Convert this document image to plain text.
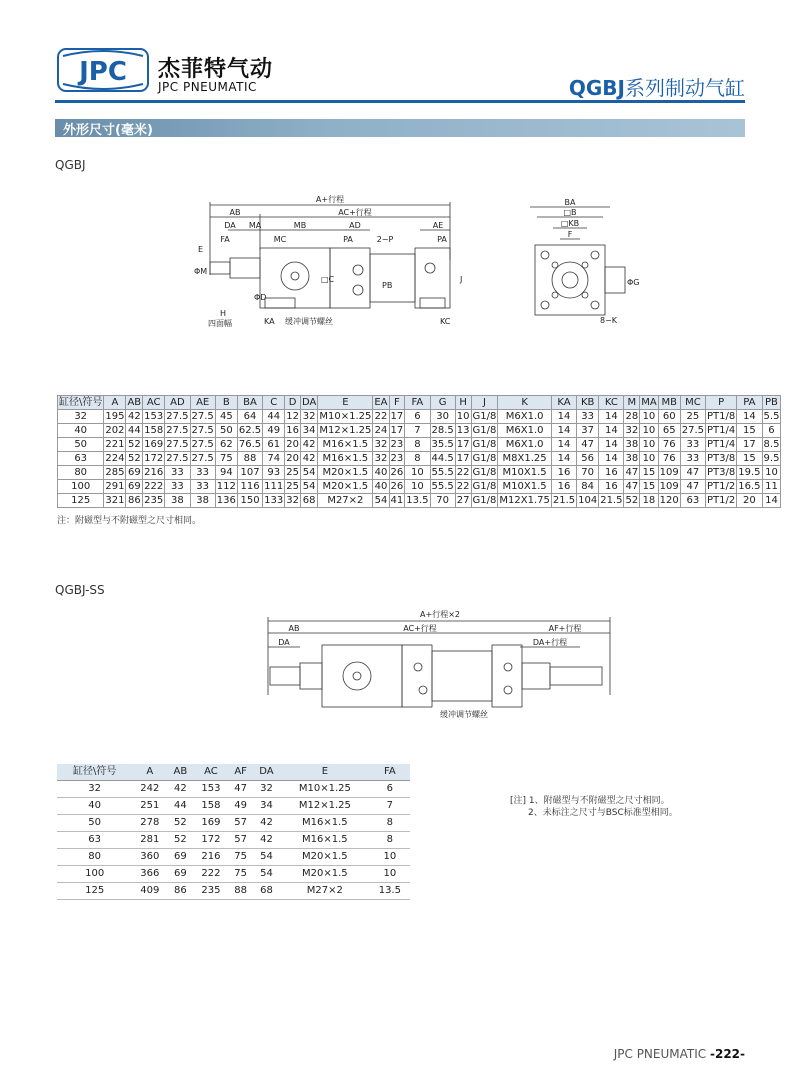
JPC 杰菲特气动
JPC PNEUMATIC	QGBJ系列制动气缸
外形尺寸(毫米)
QGBJ
A+行程
AB	AC+行程
DA MA	MB	AD	AE
FA	MC	PA	2−P	PA
E
ΦM
ΦD
H
四面幅	KA 缓冲调节螺丝	KC
□C
PB
J
BA
□B
□KB
F
ΦG
8−K
缸径\符号	A	AB	AC	AD	AE	B	BA	C	D	DA	E	EA	F	FA	G	H	J	K	KA	KB	KC	M	MA	MB	MC	P	PA	PB
32	195	42	153	27.5	27.5	45	64	44	12	32	M10×1.25	22	17	6	30	10	G1/8	M6X1.0	14	33	14	28	10	60	25	PT1/8	14	5.5
40	202	44	158	27.5	27.5	50	62.5	49	16	34	M12×1.25	24	17	7	28.5	13	G1/8	M6X1.0	14	37	14	32	10	65	27.5	PT1/4	15	6
50	221	52	169	27.5	27.5	62	76.5	61	20	42	M16×1.5	32	23	8	35.5	17	G1/8	M6X1.0	14	47	14	38	10	76	33	PT1/4	17	8.5
63	224	52	172	27.5	27.5	75	88	74	20	42	M16×1.5	32	23	8	44.5	17	G1/8	M8X1.25	14	56	14	38	10	76	33	PT3/8	15	9.5
80	285	69	216	33	33	94	107	93	25	54	M20×1.5	40	26	10	55.5	22	G1/8	M10X1.5	16	70	16	47	15	109	47	PT3/8	19.5	10
100	291	69	222	33	33	112	116	111	25	54	M20×1.5	40	26	10	55.5	22	G1/8	M10X1.5	16	84	16	47	15	109	47	PT1/2	16.5	11
125	321	86	235	38	38	136	150	133	32	68	M27×2	54	41	13.5	70	27	G1/8	M12X1.75	21.5	104	21.5	52	18	120	63	PT1/2	20	14
注：附磁型与不附磁型之尺寸相同。
QGBJ-SS
A+行程×2
AB	AC+行程	AF+行程
DA	DA+行程
缓冲调节螺丝
缸径\符号	A	AB	AC	AF	DA	E	FA
32	242	42	153	47	32	M10×1.25	6
40	251	44	158	49	34	M12×1.25	7
50	278	52	169	57	42	M16×1.5	8
63	281	52	172	57	42	M16×1.5	8
80	360	69	216	75	54	M20×1.5	10
100	366	69	222	75	54	M20×1.5	10
125	409	86	235	88	68	M27×2	13.5
[注] 1、附磁型与不附磁型之尺寸相同。
2、未标注之尺寸与BSC标准型相同。
JPC PNEUMATIC -222-
